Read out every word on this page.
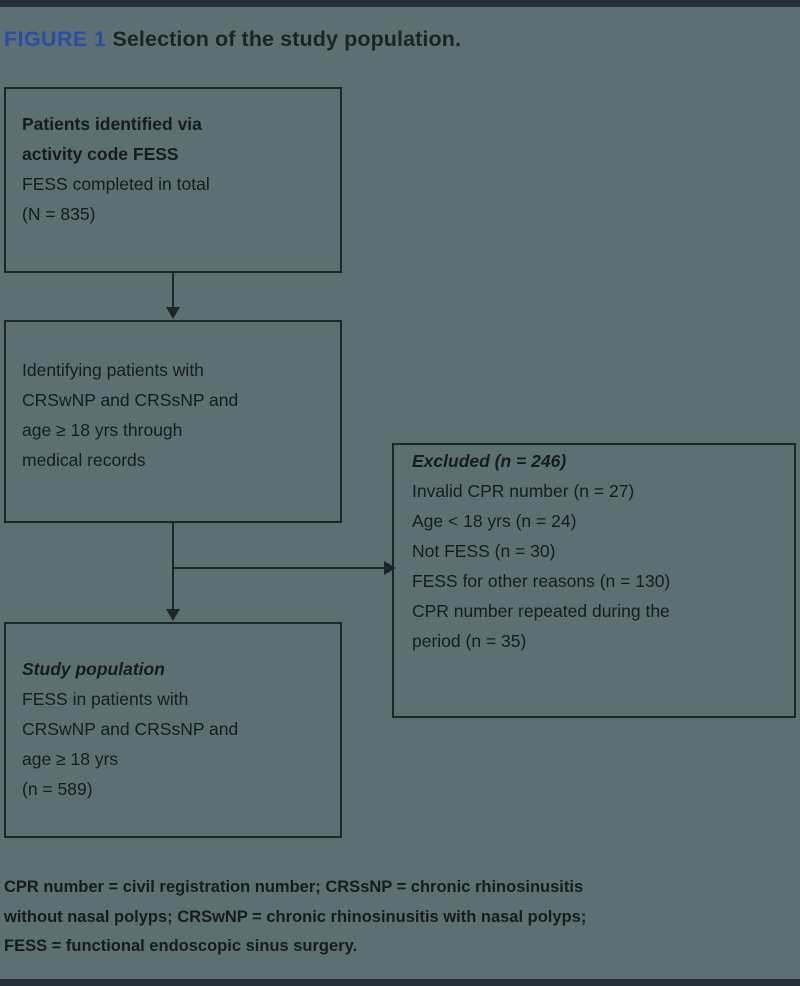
FIGURE 1 Selection of the study population.
Patients identified via
activity code FESS
FESS completed in total
(N = 835)
Identifying patients with
CRSwNP and CRSsNP and
age ≥ 18 yrs through
medical records	Excluded (n = 246)
Invalid CPR number (n = 27)
Age < 18 yrs (n = 24)
Not FESS (n = 30)
FESS for other reasons (n = 130)
CPR number repeated during the
period (n = 35)
Study population
FESS in patients with
CRSwNP and CRSsNP and
age ≥ 18 yrs
(n = 589)
CPR number = civil registration number; CRSsNP = chronic rhinosinusitis
without nasal polyps; CRSwNP = chronic rhinosinusitis with nasal polyps;
FESS = functional endoscopic sinus surgery.
